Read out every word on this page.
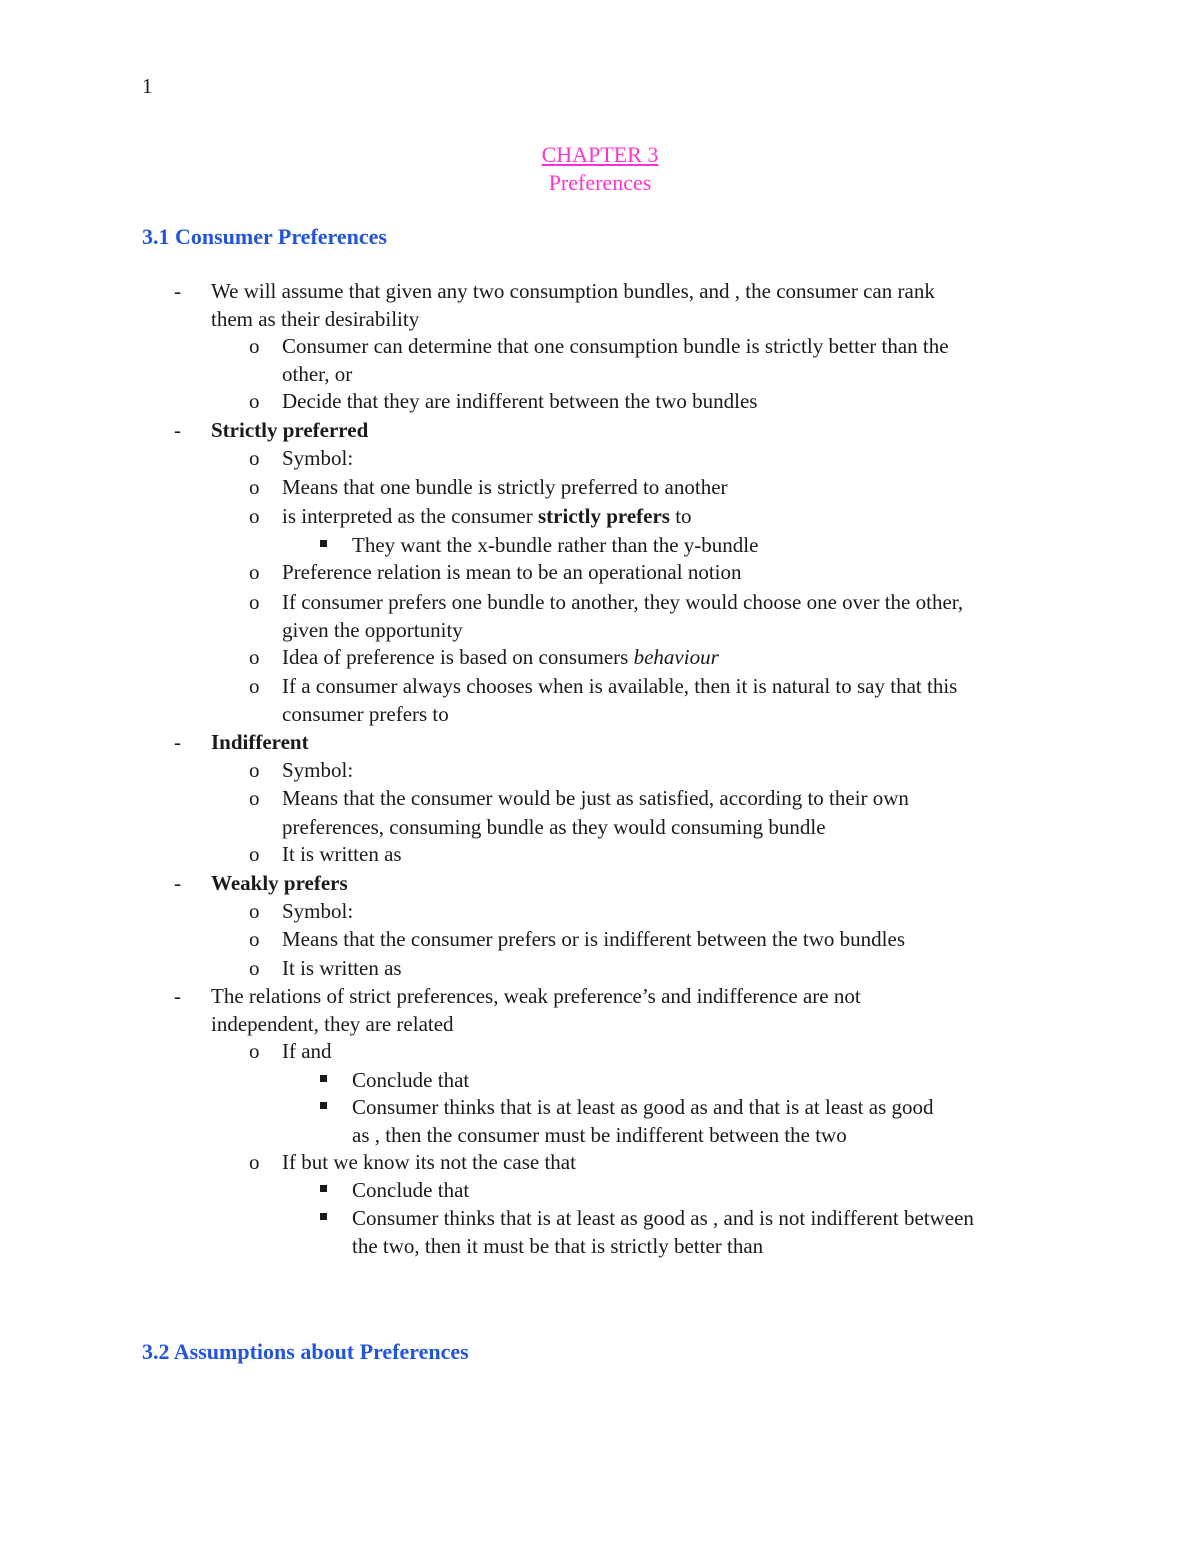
1
CHAPTER 3
Preferences
3.1 Consumer Preferences
- We will assume that given any two consumption bundles, and , the consumer can rank
them as their desirability
o Consumer can determine that one consumption bundle is strictly better than the
other, or
o Decide that they are indifferent between the two bundles
- Strictly preferred
o Symbol:
o Means that one bundle is strictly preferred to another
o is interpreted as the consumer strictly prefers to
They want the x-bundle rather than the y-bundle
o Preference relation is mean to be an operational notion
o If consumer prefers one bundle to another, they would choose one over the other,
given the opportunity
o Idea of preference is based on consumers behaviour
o If a consumer always chooses when is available, then it is natural to say that this
consumer prefers to
- Indifferent
o Symbol:
o Means that the consumer would be just as satisfied, according to their own
preferences, consuming bundle as they would consuming bundle
o It is written as
- Weakly prefers
o Symbol:
o Means that the consumer prefers or is indifferent between the two bundles
o It is written as
- The relations of strict preferences, weak preference’s and indifference are not
independent, they are related
o If and
Conclude that
Consumer thinks that is at least as good as and that is at least as good
as , then the consumer must be indifferent between the two
o If but we know its not the case that
Conclude that
Consumer thinks that is at least as good as , and is not indifferent between
the two, then it must be that is strictly better than
3.2 Assumptions about Preferences
